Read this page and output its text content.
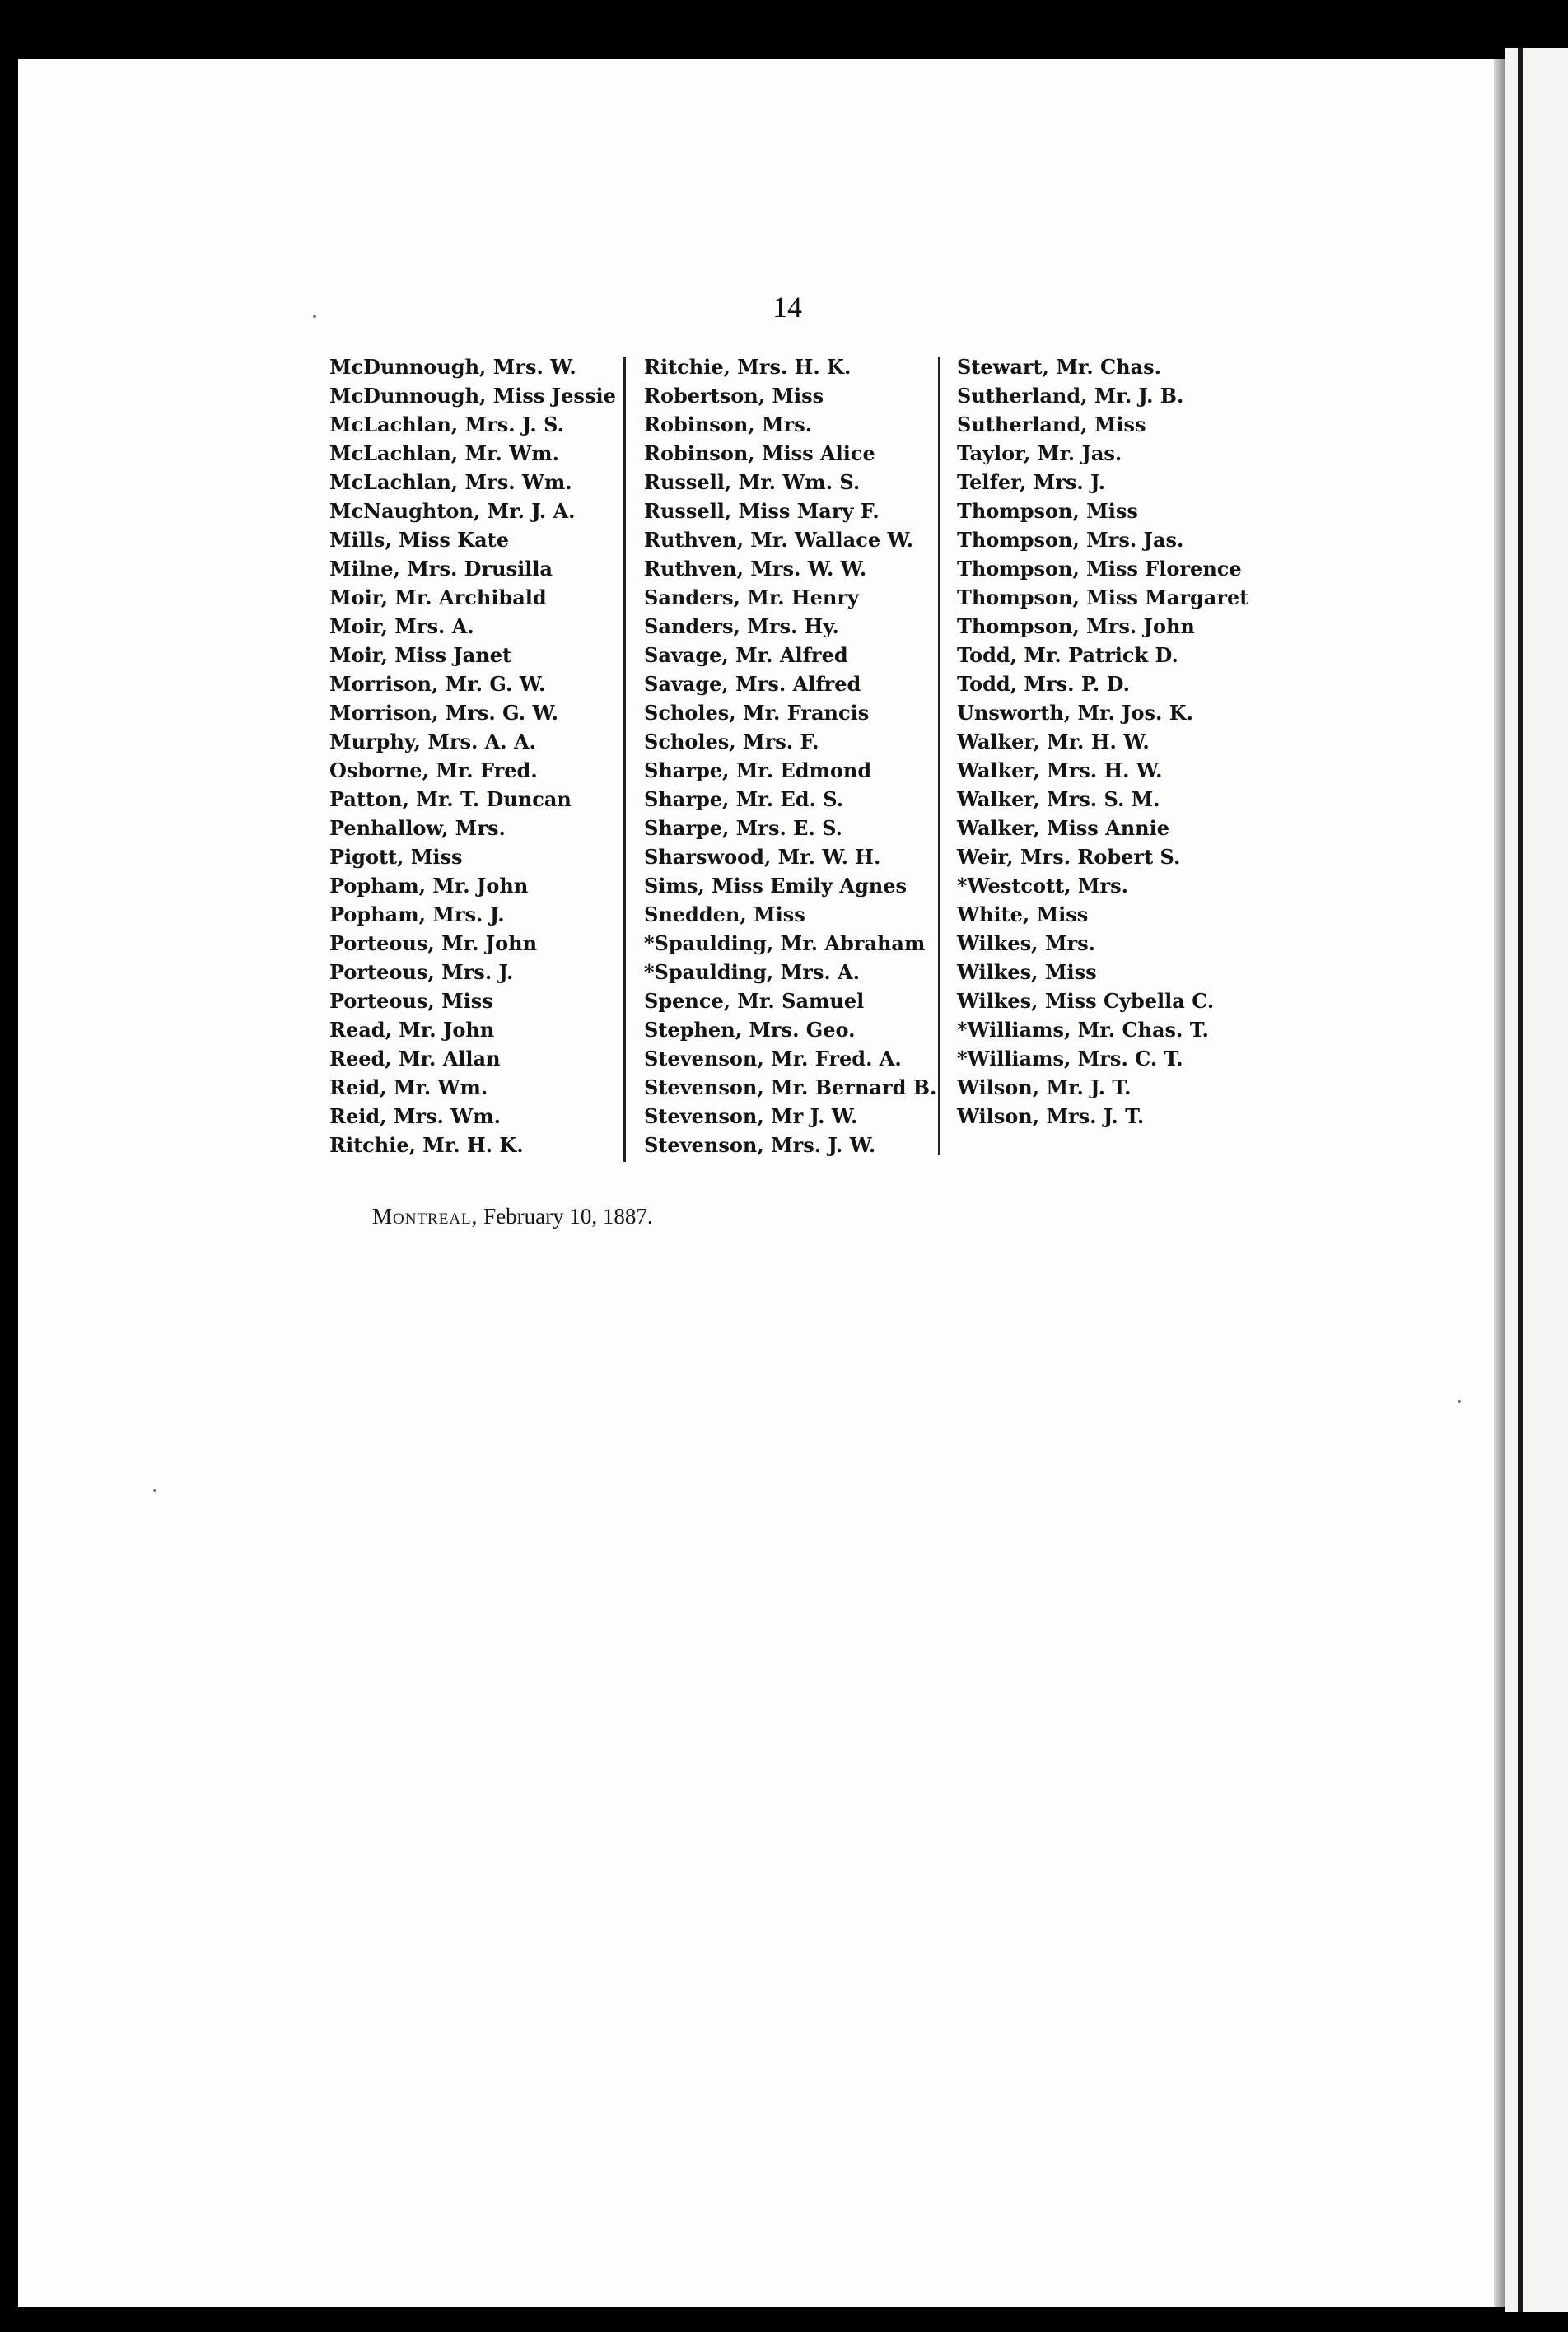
14
McDunnough, Mrs. W.
McDunnough, Miss Jessie
McLachlan, Mrs. J. S.
McLachlan, Mr. Wm.
McLachlan, Mrs. Wm.
McNaughton, Mr. J. A.
Mills, Miss Kate
Milne, Mrs. Drusilla
Moir, Mr. Archibald
Moir, Mrs. A.
Moir, Miss Janet
Morrison, Mr. G. W.
Morrison, Mrs. G. W.
Murphy, Mrs. A. A.
Osborne, Mr. Fred.
Patton, Mr. T. Duncan
Penhallow, Mrs.
Pigott, Miss
Popham, Mr. John
Popham, Mrs. J.
Porteous, Mr. John
Porteous, Mrs. J.
Porteous, Miss
Read, Mr. John
Reed, Mr. Allan
Reid, Mr. Wm.
Reid, Mrs. Wm.
Ritchie, Mr. H. K.
Ritchie, Mrs. H. K.
Robertson, Miss
Robinson, Mrs.
Robinson, Miss Alice
Russell, Mr. Wm. S.
Russell, Miss Mary F.
Ruthven, Mr. Wallace W.
Ruthven, Mrs. W. W.
Sanders, Mr. Henry
Sanders, Mrs. Hy.
Savage, Mr. Alfred
Savage, Mrs. Alfred
Scholes, Mr. Francis
Scholes, Mrs. F.
Sharpe, Mr. Edmond
Sharpe, Mr. Ed. S.
Sharpe, Mrs. E. S.
Sharswood, Mr. W. H.
Sims, Miss Emily Agnes
Snedden, Miss
*Spaulding, Mr. Abraham
*Spaulding, Mrs. A.
Spence, Mr. Samuel
Stephen, Mrs. Geo.
Stevenson, Mr. Fred. A.
Stevenson, Mr. Bernard B.
Stevenson, Mr J. W.
Stevenson, Mrs. J. W.
Stewart, Mr. Chas.
Sutherland, Mr. J. B.
Sutherland, Miss
Taylor, Mr. Jas.
Telfer, Mrs. J.
Thompson, Miss
Thompson, Mrs. Jas.
Thompson, Miss Florence
Thompson, Miss Margaret
Thompson, Mrs. John
Todd, Mr. Patrick D.
Todd, Mrs. P. D.
Unsworth, Mr. Jos. K.
Walker, Mr. H. W.
Walker, Mrs. H. W.
Walker, Mrs. S. M.
Walker, Miss Annie
Weir, Mrs. Robert S.
*Westcott, Mrs.
White, Miss
Wilkes, Mrs.
Wilkes, Miss
Wilkes, Miss Cybella C.
*Williams, Mr. Chas. T.
*Williams, Mrs. C. T.
Wilson, Mr. J. T.
Wilson, Mrs. J. T.
Montreal, February 10, 1887.
